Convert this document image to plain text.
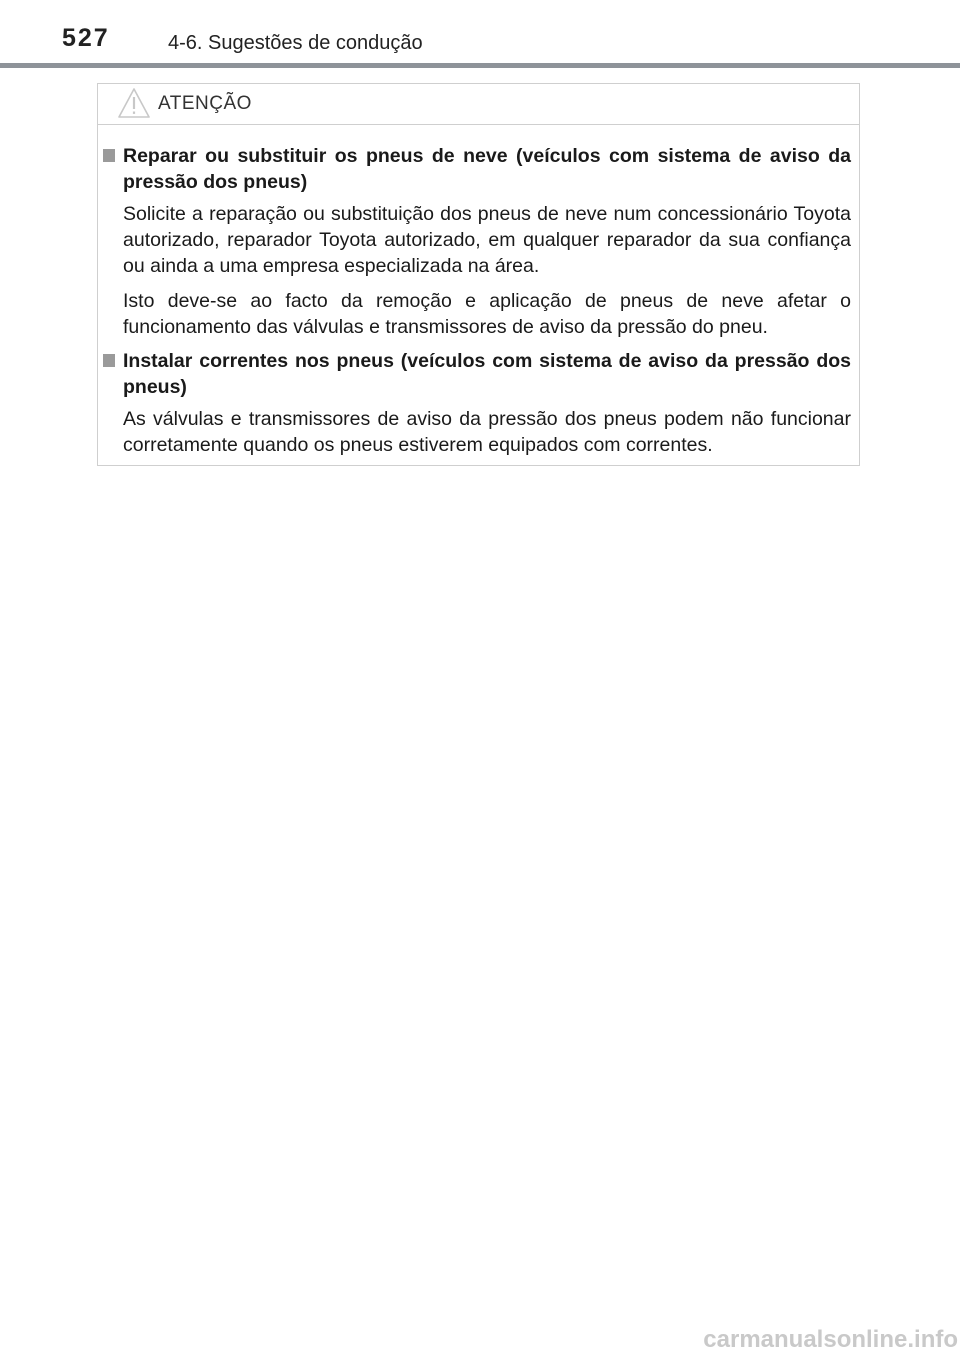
527	4-6. Sugestões de condução
ATENÇÃO
Reparar ou substituir os pneus de neve (veículos com sistema de aviso da pressão dos pneus)

Solicite a reparação ou substituição dos pneus de neve num concessionário Toyota autorizado, reparador Toyota autorizado, em qualquer reparador da sua confiança ou ainda a uma empresa especializada na área.

Isto deve-se ao facto da remoção e aplicação de pneus de neve afetar o funcionamento das válvulas e transmissores de aviso da pressão do pneu.

Instalar correntes nos pneus (veículos com sistema de aviso da pressão dos pneus)

As válvulas e transmissores de aviso da pressão dos pneus podem não funcionar corretamente quando os pneus estiverem equipados com correntes.

carmanualsonline.info
